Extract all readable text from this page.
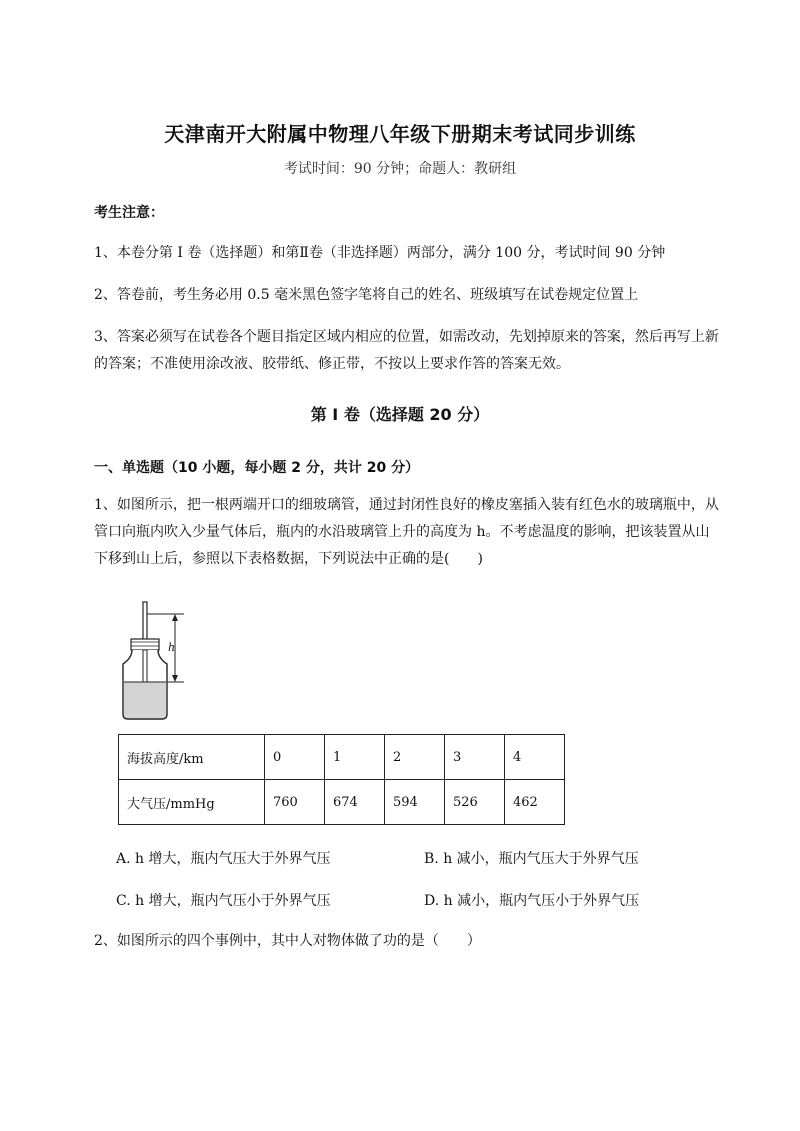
天津南开大附属中物理八年级下册期末考试同步训练
考试时间：90 分钟；命题人：教研组
考生注意：
1、本卷分第 I 卷（选择题）和第Ⅱ卷（非选择题）两部分，满分 100 分，考试时间 90 分钟
2、答卷前，考生务必用 0.5 毫米黑色签字笔将自己的姓名、班级填写在试卷规定位置上
3、答案必须写在试卷各个题目指定区域内相应的位置，如需改动，先划掉原来的答案，然后再写上新
的答案；不准使用涂改液、胶带纸、修正带，不按以上要求作答的答案无效。
第 I 卷（选择题 20 分）
一、单选题（10 小题，每小题 2 分，共计 20 分）
1、如图所示，把一根两端开口的细玻璃管，通过封闭性良好的橡皮塞插入装有红色水的玻璃瓶中，从
管口向瓶内吹入少量气体后，瓶内的水沿玻璃管上升的高度为 h。不考虑温度的影响，把该装置从山
下移到山上后，参照以下表格数据，下列说法中正确的是(　　)
h
海拔高度/km	0	1	2	3	4
大气压/mmHg	760	674	594	526	462
A. h 增大，瓶内气压大于外界气压	B. h 减小，瓶内气压大于外界气压
C. h 增大，瓶内气压小于外界气压	D. h 减小，瓶内气压小于外界气压
2、如图所示的四个事例中，其中人对物体做了功的是（　　）
